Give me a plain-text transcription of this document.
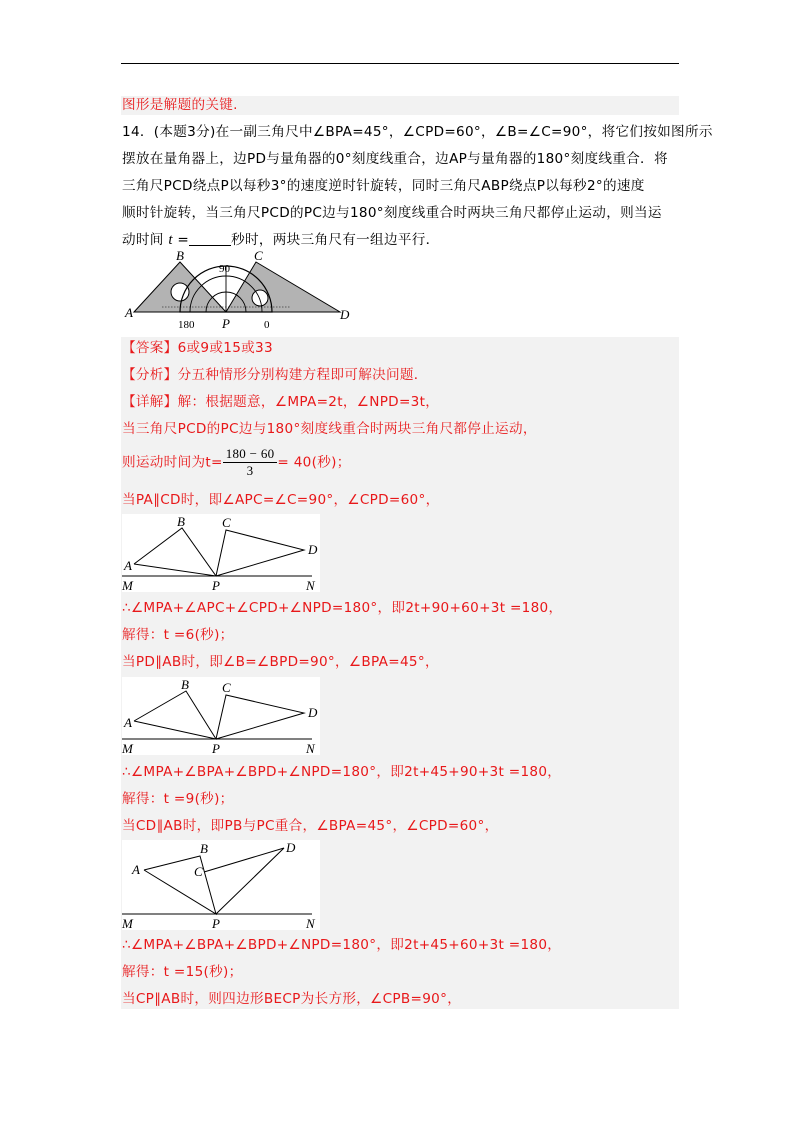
图形是解题的关键.
14．(本题3分)在一副三角尺中∠BPA=45°，∠CPD=60°，∠B=∠C=90°，将它们按如图所示
摆放在量角器上，边PD与量角器的0°刻度线重合，边AP与量角器的180°刻度线重合．将
三角尺PCD绕点P以每秒3°的速度逆时针旋转，同时三角尺ABP绕点P以每秒2°的速度
顺时针旋转，当三角尺PCD的PC边与180°刻度线重合时两块三角尺都停止运动，则当运
动时间 t =	秒时，两块三角尺有一组边平行．
A
B	C
D
P
90
180	0
【答案】6或9或15或33
【分析】分五种情形分别构建方程即可解决问题．
【详解】解：根据题意，∠MPA=2t，∠NPD=3t，
当三角尺PCD的PC边与180°刻度线重合时两块三角尺都停止运动，
则运动时间为$t= \frac{180 - 60}{3} = 40$(秒)；
当PA∥CD时，即∠APC=∠C=90°，∠CPD=60°，
A
B	C
D
M	P	N
∴∠MPA+∠APC+∠CPD+∠NPD=180°，即2t+90+60+3t =180，
解得：t =6(秒)；
当PD∥AB时，即∠B=∠BPD=90°，∠BPA=45°，
A
B	C
D
M	P	N
∴∠MPA+∠BPA+∠BPD+∠NPD=180°，即2t+45+90+3t =180，
解得：t =9(秒)；
当CD∥AB时，即PB与PC重合，∠BPA=45°，∠CPD=60°，
A
B
C
D
M	P	N
∴∠MPA+∠BPA+∠BPD+∠NPD=180°，即2t+45+60+3t =180，
解得：t =15(秒)；
当CP∥AB时，则四边形BECP为长方形，∠CPB=90°，
